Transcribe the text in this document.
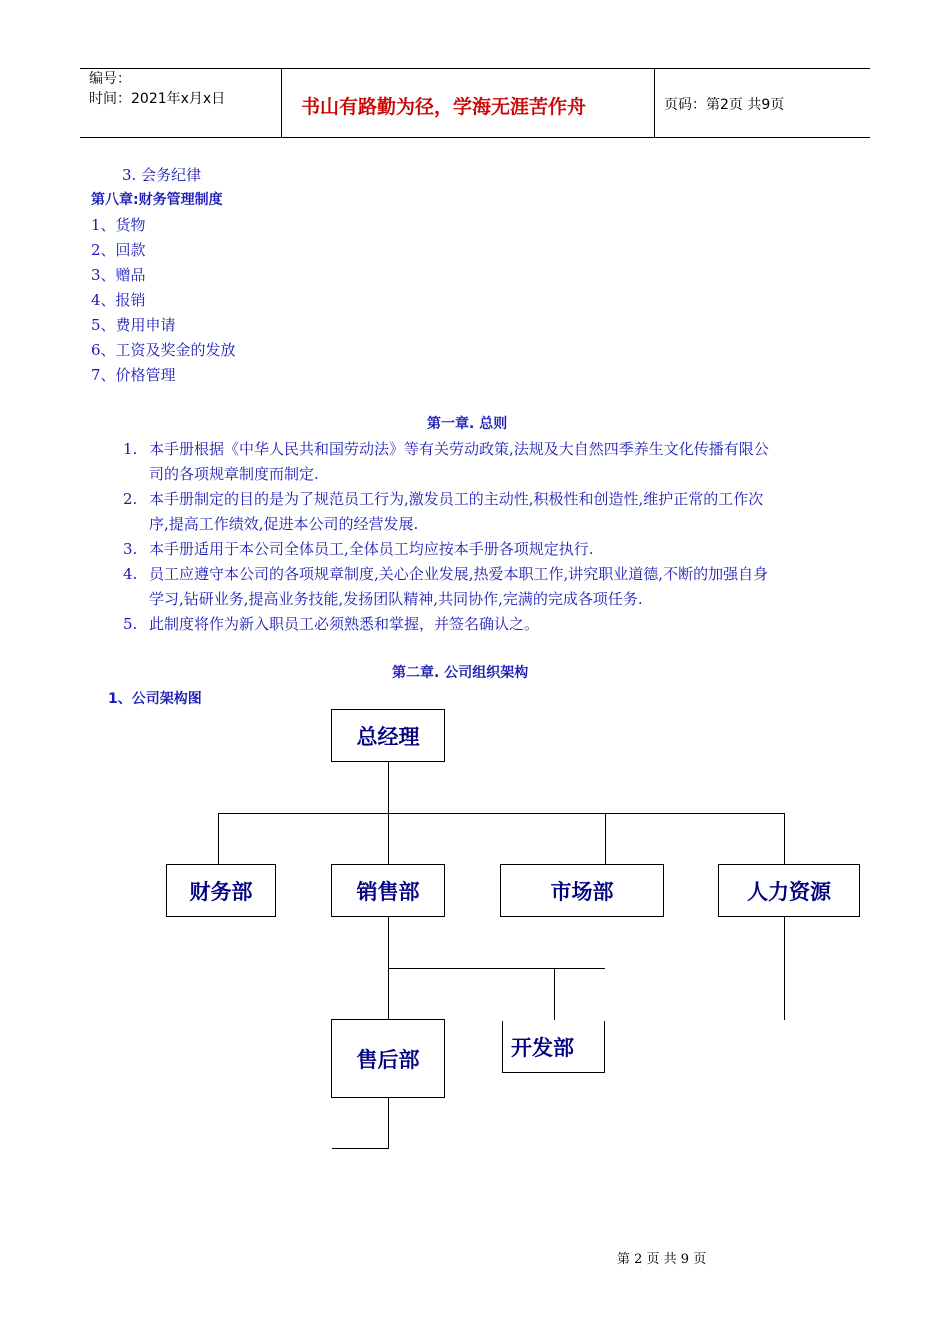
编号：
时间：2021年x月x日	书山有路勤为径，学海无涯苦作舟	页码：第2页 共9页
3. 会务纪律
第八章:财务管理制度
1、货物
2、回款
3、赠品
4、报销
5、费用申请
6、工资及奖金的发放
7、价格管理
第一章. 总则
1. 本手册根据《中华人民共和国劳动法》等有关劳动政策,法规及大自然四季养生文化传播有限公
司的各项规章制度而制定.
2. 本手册制定的目的是为了规范员工行为,激发员工的主动性,积极性和创造性,维护正常的工作次
序,提高工作绩效,促进本公司的经营发展.
3. 本手册适用于本公司全体员工,全体员工均应按本手册各项规定执行.
4. 员工应遵守本公司的各项规章制度,关心企业发展,热爱本职工作,讲究职业道德,不断的加强自身
学习,钻研业务,提高业务技能,发扬团队精神,共同协作,完满的完成各项任务.
5. 此制度将作为新入职员工必须熟悉和掌握，并签名确认之。
第二章. 公司组织架构
1、公司架构图
总经理
财务部	销售部	市场部	人力资源
售后部	开发部
第 2 页 共 9 页
